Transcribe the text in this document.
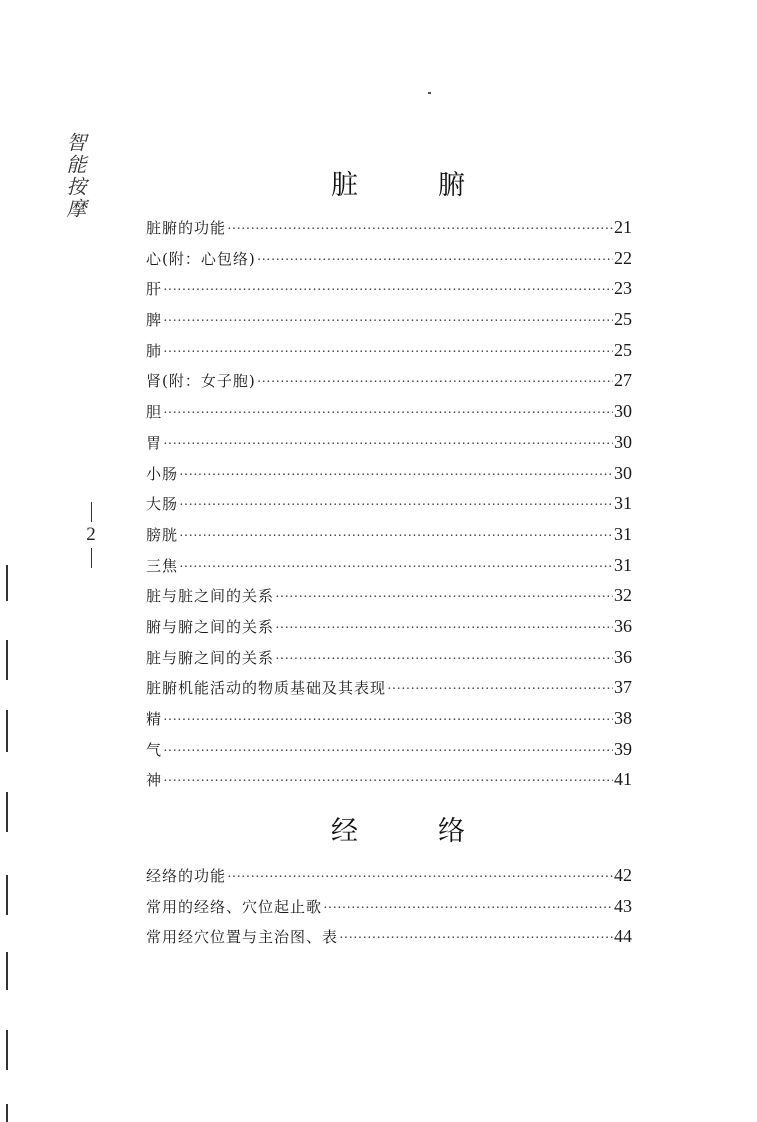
智能按摩
2
脏	腑
脏腑的功能 ·····	21
心(附：心包络) ·····	22
肝 ·····	23
脾 ·····	25
肺 ·····	25
肾(附：女子胞) ·····	27
胆 ·····	30
胃 ·····	30
小肠 ·····	30
大肠 ·····	31
膀胱 ·····	31
三焦 ·····	31
脏与脏之间的关系 ·····	32
腑与腑之间的关系 ·····	36
脏与腑之间的关系 ·····	36
脏腑机能活动的物质基础及其表现 ·····	37
精 ·····	38
气 ·····	39
神 ·····	41
经	络
经络的功能 ·····	42
常用的经络、穴位起止歌 ·····	43
常用经穴位置与主治图、表 ·····	44
